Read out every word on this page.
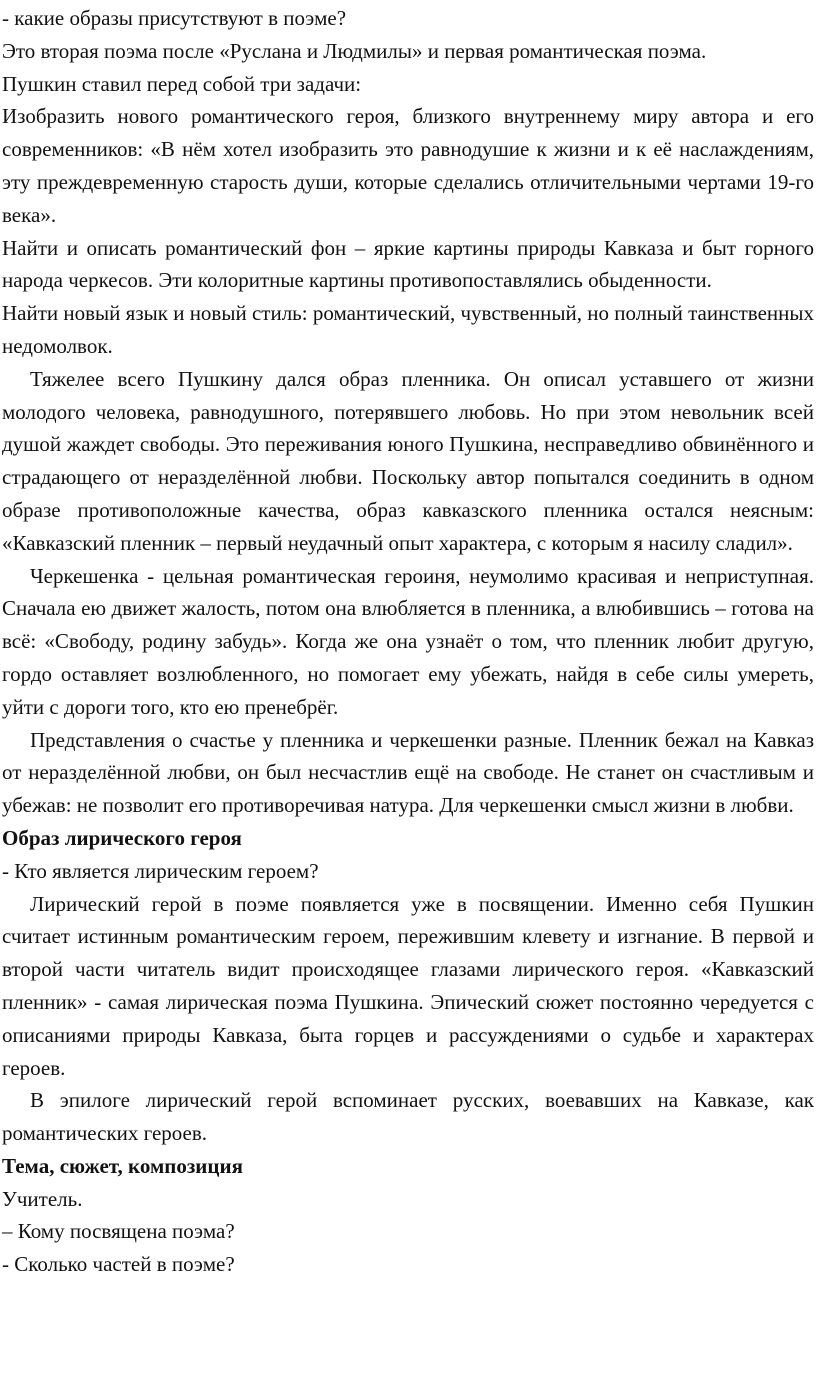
- какие образы присутствуют в поэме?

Это вторая поэма после «Руслана и Людмилы» и первая романтическая поэма.

Пушкин ставил перед собой три задачи:

Изобразить нового романтического героя, близкого внутреннему миру автора и его современников: «В нём хотел изобразить это равнодушие к жизни и к её наслаждениям, эту преждевременную старость души, которые сделались отличительными чертами 19-го века».

Найти и описать романтический фон – яркие картины природы Кавказа и быт горного народа черкесов. Эти колоритные картины противопоставлялись обыденности.

Найти новый язык и новый стиль: романтический, чувственный, но полный таинственных недомолвок.

Тяжелее всего Пушкину дался образ пленника. Он описал уставшего от жизни молодого человека, равнодушного, потерявшего любовь. Но при этом невольник всей душой жаждет свободы. Это переживания юного Пушкина, несправедливо обвинённого и страдающего от неразделённой любви. Поскольку автор попытался соединить в одном образе противоположные качества, образ кавказского пленника остался неясным: «Кавказский пленник – первый неудачный опыт характера, с которым я насилу сладил».

Черкешенка - цельная романтическая героиня, неумолимо красивая и неприступная. Сначала ею движет жалость, потом она влюбляется в пленника, а влюбившись – готова на всё: «Свободу, родину забудь». Когда же она узнаёт о том, что пленник любит другую, гордо оставляет возлюбленного, но помогает ему убежать, найдя в себе силы умереть, уйти с дороги того, кто ею пренебрёг.

Представления о счастье у пленника и черкешенки разные. Пленник бежал на Кавказ от неразделённой любви, он был несчастлив ещё на свободе. Не станет он счастливым и убежав: не позволит его противоречивая натура. Для черкешенки смысл жизни в любви.

Образ лирического героя

- Кто является лирическим героем?

Лирический герой в поэме появляется уже в посвящении. Именно себя Пушкин считает истинным романтическим героем, пережившим клевету и изгнание. В первой и второй части читатель видит происходящее глазами лирического героя. «Кавказский пленник» - самая лирическая поэма Пушкина. Эпический сюжет постоянно чередуется с описаниями природы Кавказа, быта горцев и рассуждениями о судьбе и характерах героев.

В эпилоге лирический герой вспоминает русских, воевавших на Кавказе, как романтических героев.

Тема, сюжет, композиция

Учитель.

– Кому посвящена поэма?

- Сколько частей в поэме?
